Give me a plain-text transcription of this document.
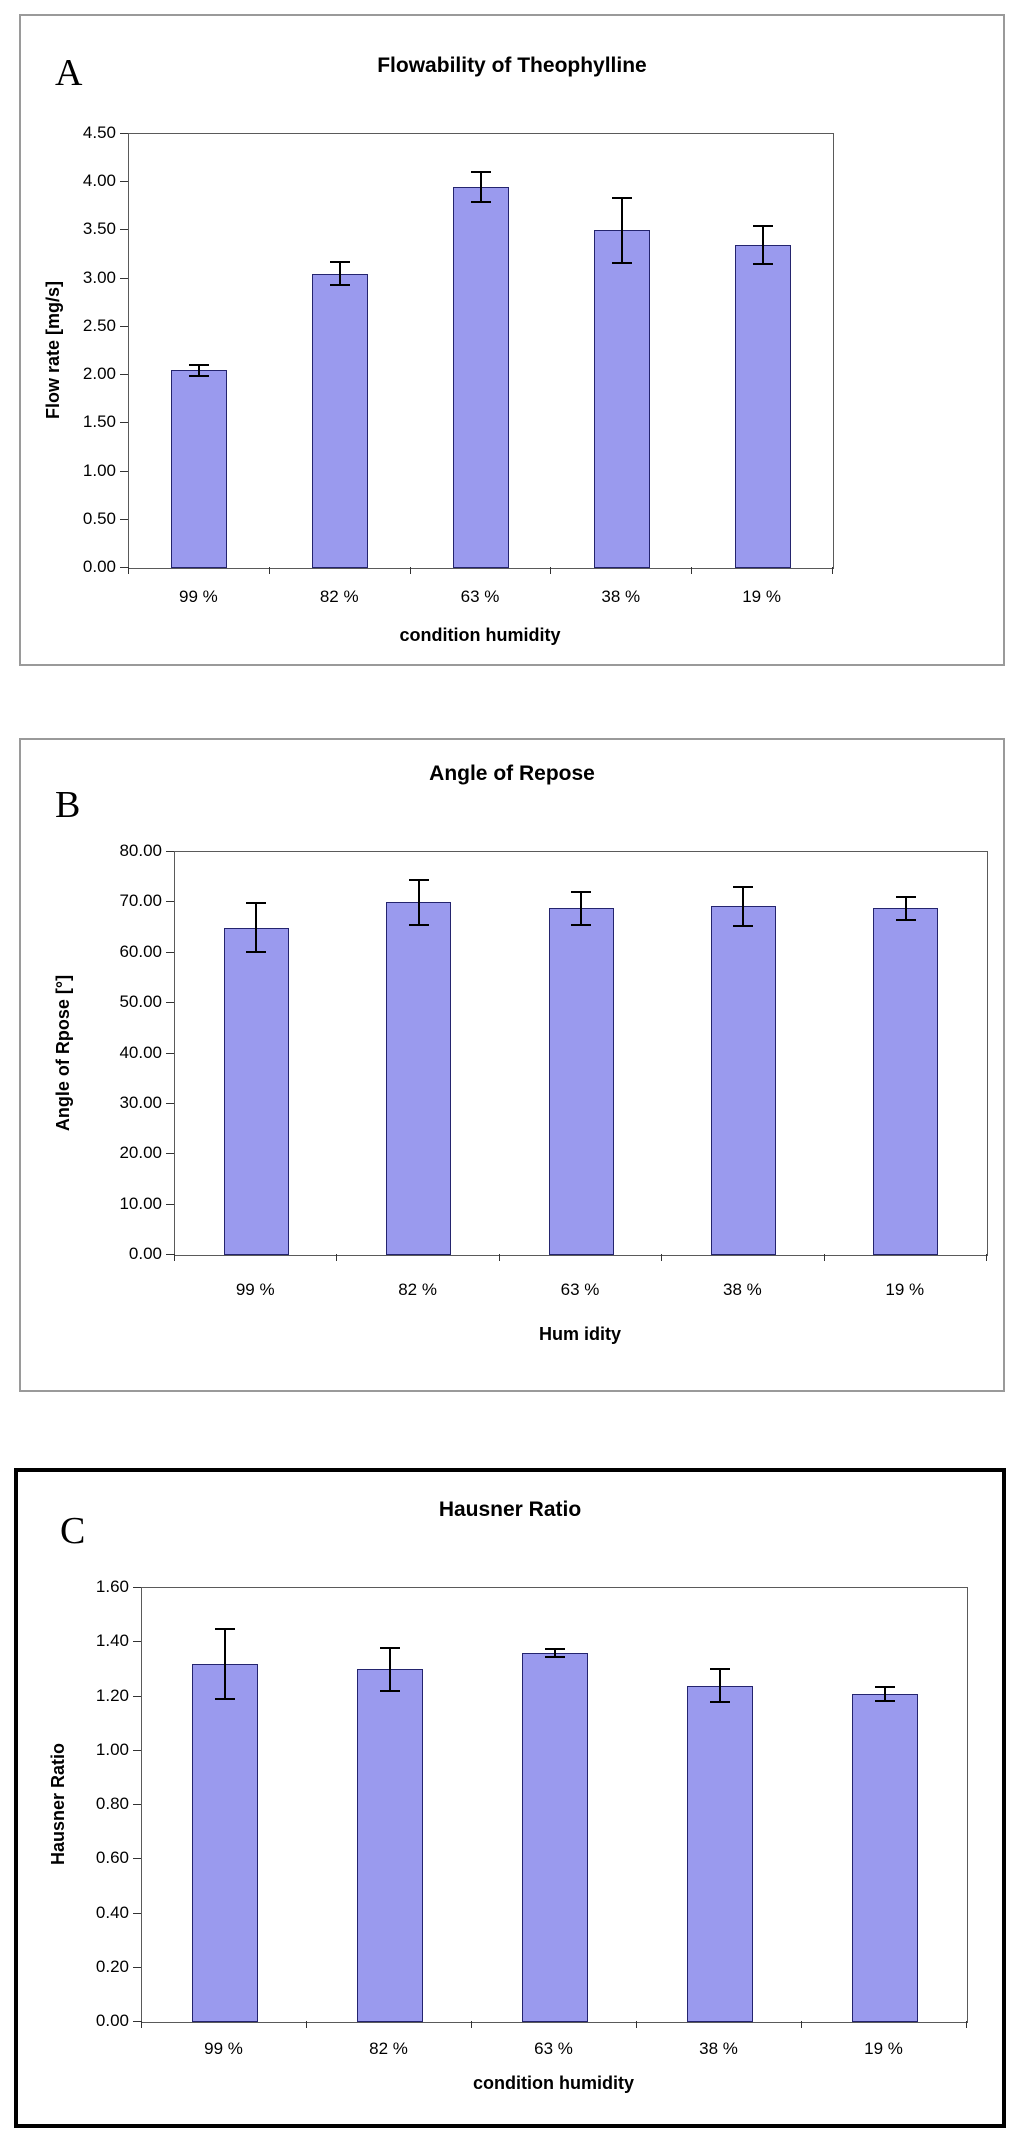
A	Flowability of Theophylline
Flow rate [mg/s]
condition humidity
0.00
0.50
1.00
1.50
2.00
2.50
3.00
3.50
4.00
4.50
99 %	82 %	63 %	38 %	19 %
B
Angle of Repose
Angle of Rpose [°]
Hum idity
0.00
10.00
20.00
30.00
40.00
50.00
60.00
70.00
80.00
99 %	82 %	63 %	38 %	19 %
C
Hausner Ratio
Hausner Ratio
condition humidity
0.00
0.20
0.40
0.60
0.80
1.00
1.20
1.40
1.60
99 %	82 %	63 %	38 %	19 %
